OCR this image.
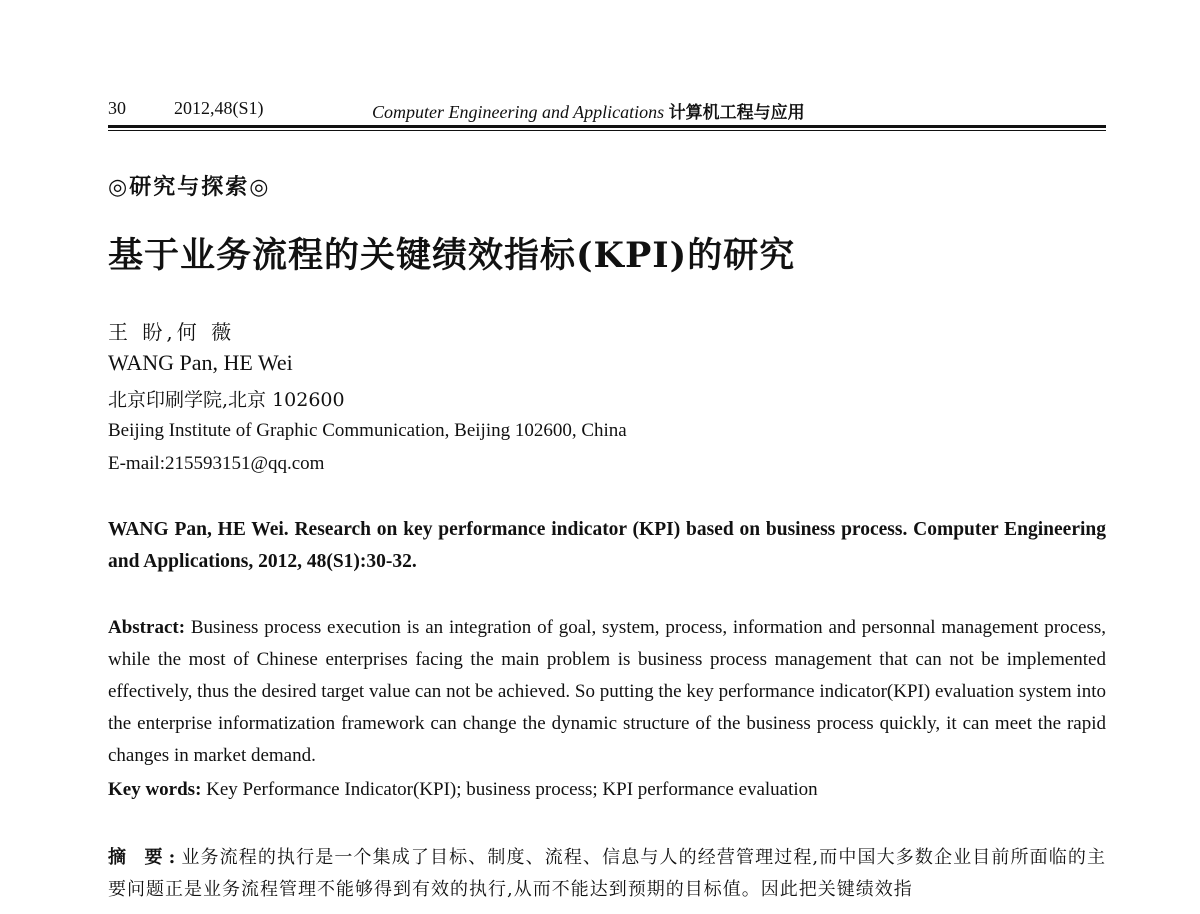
30	2012,48(S1)	Computer Engineering and Applications 计算机工程与应用
◎研究与探索◎
基于业务流程的关键绩效指标(KPI)的研究
王 盼,何 薇
WANG Pan, HE Wei
北京印刷学院,北京 102600
Beijing Institute of Graphic Communication, Beijing 102600, China
E-mail:215593151@qq.com
WANG Pan, HE Wei. Research on key performance indicator (KPI) based on business process. Computer Engineering and Applications, 2012, 48(S1):30-32.
Abstract: Business process execution is an integration of goal, system, process, information and personnal management process, while the most of Chinese enterprises facing the main problem is business process management that can not be implemented effectively, thus the desired target value can not be achieved. So putting the key performance indicator(KPI) evaluation system into the enterprise informatization framework can change the dynamic structure of the business process quickly, it can meet the rapid changes in market demand.
Key words: Key Performance Indicator(KPI); business process; KPI performance evaluation
摘 要:业务流程的执行是一个集成了目标、制度、流程、信息与人的经营管理过程,而中国大多数企业目前所面临的主要问题正是业务流程管理不能够得到有效的执行,从而不能达到预期的目标值。因此把关键绩效指
